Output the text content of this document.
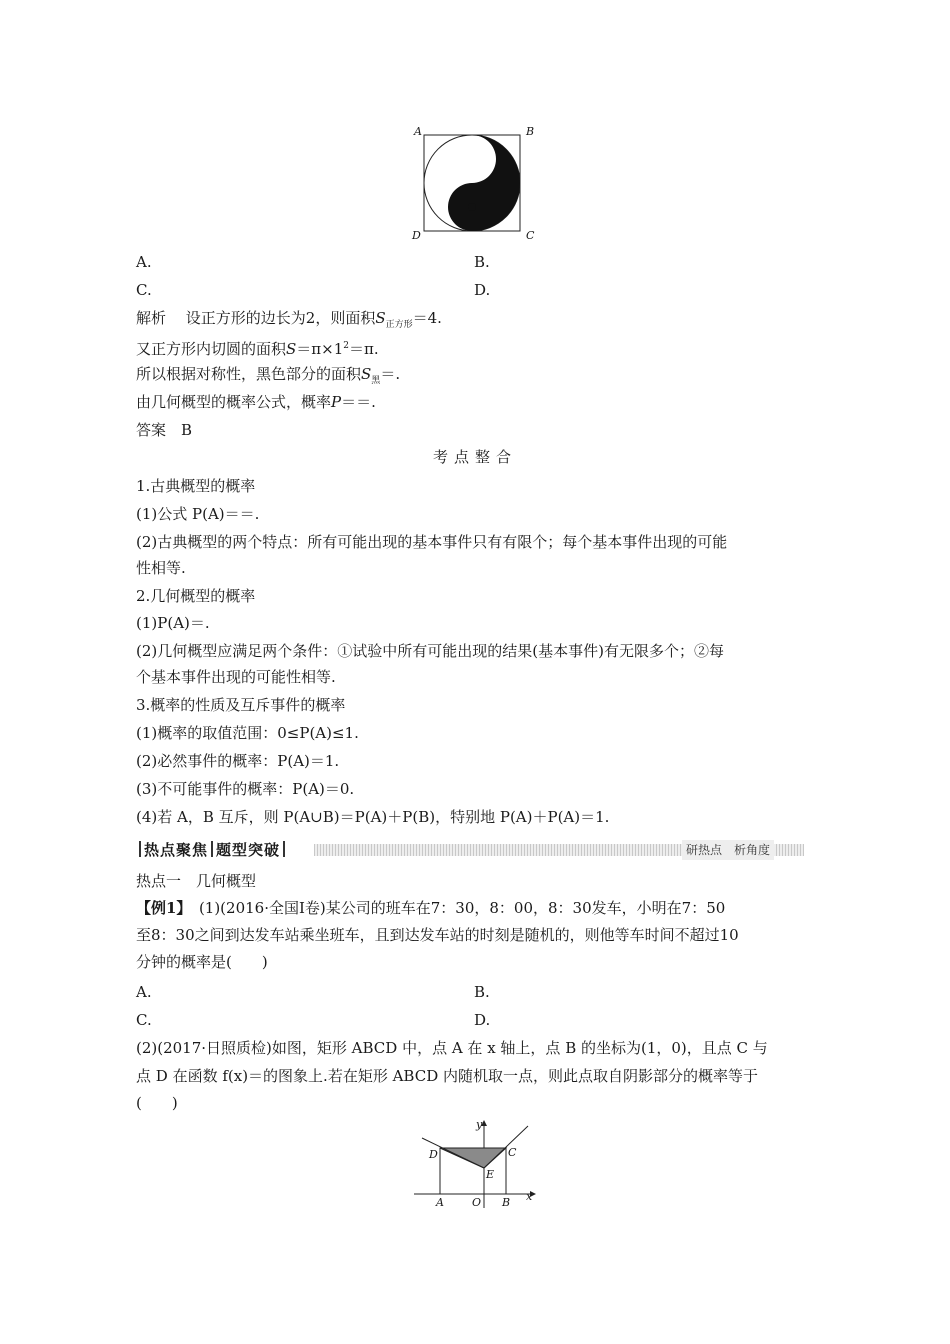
A	B
D	C
A.	B.
C.	D.
解析　 设正方形的边长为2，则面积$S_{正方形}=4$.
又正方形内切圆的面积$S=\pi\times 1^2=\pi$.
所以根据对称性，黑色部分的面积$S_黑=$.
由几何概型的概率公式，概率P＝＝.
答案　 B
考点整合
1.古典概型的概率
(1)公式 P(A)＝＝.
(2)古典概型的两个特点：所有可能出现的基本事件只有有限个；每个基本事件出现的可能
性相等.
2.几何概型的概率
(1)P(A)＝.
(2)几何概型应满足两个条件：①试验中所有可能出现的结果(基本事件)有无限多个；②每
个基本事件出现的可能性相等.
3.概率的性质及互斥事件的概率
(1)概率的取值范围：0≤P(A)≤1.
(2)必然事件的概率：P(A)＝1.
(3)不可能事件的概率：P(A)＝0.
(4)若 A，B 互斥，则 P(A∪B)＝P(A)＋P(B)，特别地 P(A)＋P(A)＝1.
热点聚焦 题型突破	研热点　析角度
热点一　几何概型
【例1】　(1)(2016·全国Ⅰ卷)某公司的班车在7：30，8：00，8：30发车，小明在7：50
至8：30之间到达发车站乘坐班车，且到达发车站的时刻是随机的，则他等车时间不超过10
分钟的概率是(　　)
A.	B.
C.	D.
(2)(2017·日照质检)如图，矩形 ABCD 中，点 A 在 x 轴上，点 B 的坐标为(1，0)，且点 C 与
点 D 在函数 f(x)＝的图象上.若在矩形 ABCD 内随机取一点，则此点取自阴影部分的概率等于
(　　)
y
x
D	C
E
A	O B
